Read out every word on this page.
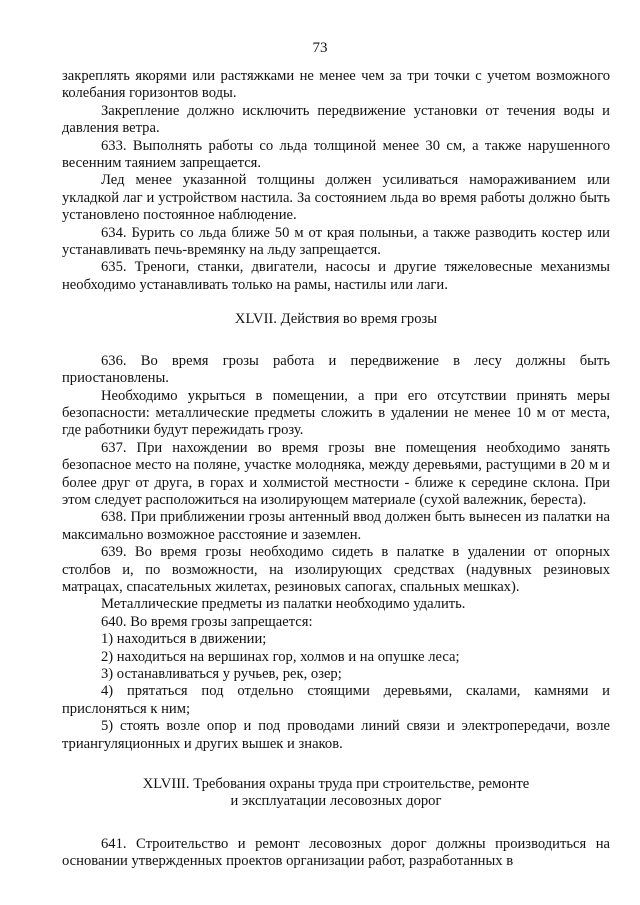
73

закреплять якорями или растяжками не менее чем за три точки с учетом возможного колебания горизонтов воды.

Закрепление должно исключить передвижение установки от течения воды и давления ветра.

633. Выполнять работы со льда толщиной менее 30 см, а также нарушенного весенним таянием запрещается.

Лед менее указанной толщины должен усиливаться намораживанием или укладкой лаг и устройством настила. За состоянием льда во время работы должно быть установлено постоянное наблюдение.

634. Бурить со льда ближе 50 м от края полыньи, а также разводить костер или устанавливать печь-времянку на льду запрещается.

635. Треноги, станки, двигатели, насосы и другие тяжеловесные механизмы необходимо устанавливать только на рамы, настилы или лаги.

XLVII. Действия во время грозы

636. Во время грозы работа и передвижение в лесу должны быть приостановлены.

Необходимо укрыться в помещении, а при его отсутствии принять меры безопасности: металлические предметы сложить в удалении не менее 10 м от места, где работники будут пережидать грозу.

637. При нахождении во время грозы вне помещения необходимо занять безопасное место на поляне, участке молодняка, между деревьями, растущими в 20 м и более друг от друга, в горах и холмистой местности - ближе к середине склона. При этом следует расположиться на изолирующем материале (сухой валежник, береста).

638. При приближении грозы антенный ввод должен быть вынесен из палатки на максимально возможное расстояние и заземлен.

639. Во время грозы необходимо сидеть в палатке в удалении от опорных столбов и, по возможности, на изолирующих средствах (надувных резиновых матрацах, спасательных жилетах, резиновых сапогах, спальных мешках).

Металлические предметы из палатки необходимо удалить.

640. Во время грозы запрещается:

1) находиться в движении;

2) находиться на вершинах гор, холмов и на опушке леса;

3) останавливаться у ручьев, рек, озер;

4) прятаться под отдельно стоящими деревьями, скалами, камнями и прислоняться к ним;

5) стоять возле опор и под проводами линий связи и электропередачи, возле триангуляционных и других вышек и знаков.

XLVIII. Требования охраны труда при строительстве, ремонте
и эксплуатации лесовозных дорог

641. Строительство и ремонт лесовозных дорог должны производиться на основании утвержденных проектов организации работ, разработанных в
